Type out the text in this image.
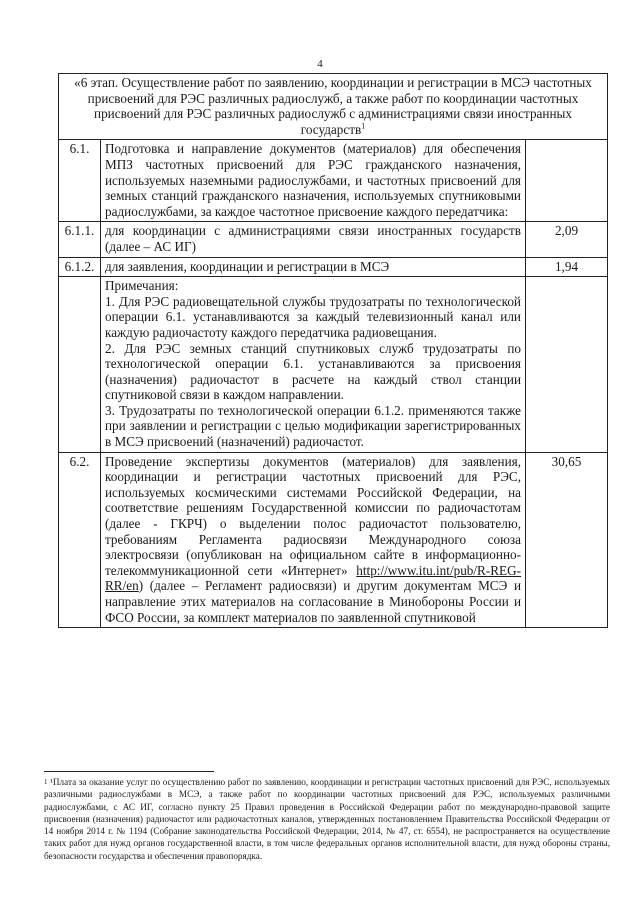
4
«6 этап. Осуществление работ по заявлению, координации и регистрации в МСЭ частотных присвоений для РЭС различных радиослужб, а также работ по координации частотных присвоений для РЭС различных радиослужб с администрациями связи иностранных государств$^1$
6.1.	Подготовка и направление документов (материалов) для обеспечения МПЗ частотных присвоений для РЭС гражданского назначения, используемых наземными радиослужбами, и частотных присвоений для земных станций гражданского назначения, используемых спутниковыми радиослужбами, за каждое частотное присвоение каждого передатчика:	
6.1.1.	для координации с администрациями связи иностранных государств (далее – АС ИГ)	2,09
6.1.2.	для заявления, координации и регистрации в МСЭ	1,94

	Примечания:
1. Для РЭС радиовещательной службы трудозатраты по технологической операции 6.1. устанавливаются за каждый телевизионный канал или каждую радиочастоту каждого передатчика радиовещания.
2. Для РЭС земных станций спутниковых служб трудозатраты по технологической операции 6.1. устанавливаются за присвоения (назначения) радиочастот в расчете на каждый ствол станции спутниковой связи в каждом направлении.
3. Трудозатраты по технологической операции 6.1.2. применяются также при заявлении и регистрации с целью модификации зарегистрированных в МСЭ присвоений (назначений) радиочастот.	

6.2.	Проведение экспертизы документов (материалов) для заявления, координации и регистрации частотных присвоений для РЭС, используемых космическими системами Российской Федерации, на соответствие решениям Государственной комиссии по радиочастотам (далее - ГКРЧ) о выделении полос радиочастот пользователю, требованиям Регламента радиосвязи Международного союза электросвязи (опубликован на официальном сайте в информационно-телекоммуникационной сети «Интернет» http://www.itu.int/pub/R-REG-RR/en) (далее – Регламент радиосвязи) и другим документам МСЭ и направление этих материалов на согласование в Минобороны России и ФСО России, за комплект материалов по заявленной спутниковой	30,65
$^1$ ¹Плата за оказание услуг по осуществлению работ по заявлению, координации и регистрации частотных присвоений для РЭС, используемых различными радиослужбами в МСЭ, а также работ по координации частотных присвоений для РЭС, используемых различными радиослужбами, с АС ИГ, согласно пункту 25 Правил проведения в Российской Федерации работ по международно-правовой защите присвоения (назначения) радиочастот или радиочастотных каналов, утвержденных постановлением Правительства Российской Федерации от 14 ноября 2014 г. № 1194 (Собрание законодательства Российской Федерации, 2014, № 47, ст. 6554), не распространяется на осуществление таких работ для нужд органов государственной власти, в том числе федеральных органов исполнительной власти, для нужд обороны страны, безопасности государства и обеспечения правопорядка.
